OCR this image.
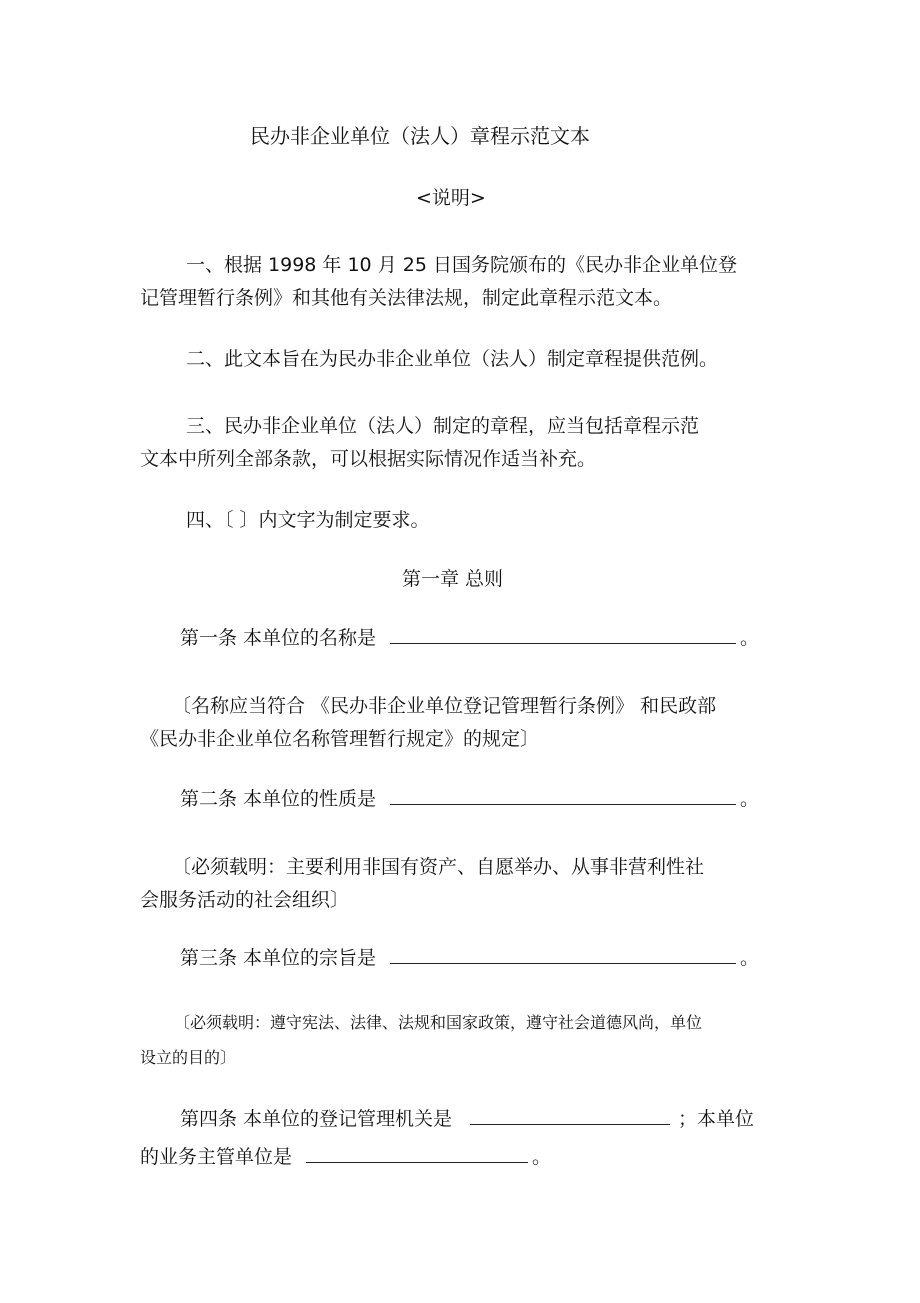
民办非企业单位（法人）章程示范文本
<说明>
一、根据 1998 年 10 月 25 日国务院颁布的《民办非企业单位登
记管理暂行条例》和其他有关法律法规，制定此章程示范文本。
二、此文本旨在为民办非企业单位（法人）制定章程提供范例。
三、民办非企业单位（法人）制定的章程，应当包括章程示范
文本中所列全部条款，可以根据实际情况作适当补充。
四、〔 〕内文字为制定要求。
第一章 总则
第一条 本单位的名称是	。
〔名称应当符合 《民办非企业单位登记管理暂行条例》 和民政部
《民办非企业单位名称管理暂行规定》的规定〕
第二条 本单位的性质是	。
〔必须载明：主要利用非国有资产、自愿举办、从事非营利性社
会服务活动的社会组织〕
第三条 本单位的宗旨是	。
〔必须载明：遵守宪法、法律、法规和国家政策，遵守社会道德风尚，单位
设立的目的〕
第四条 本单位的登记管理机关是	；本单位
的业务主管单位是	。
